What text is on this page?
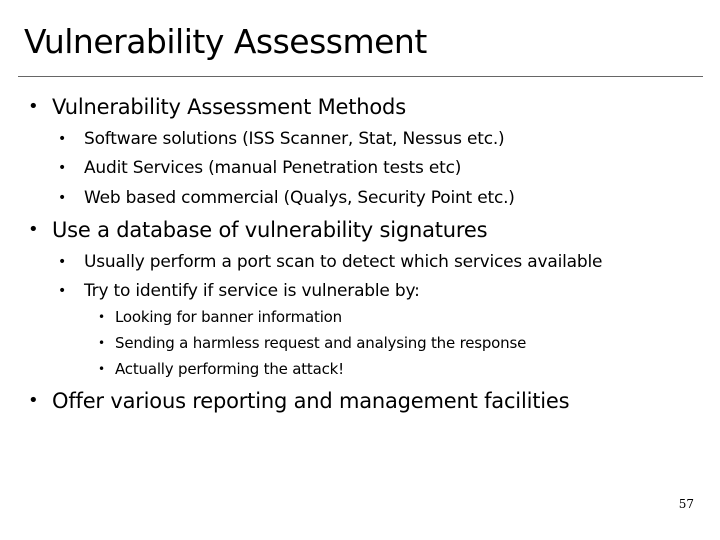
Vulnerability Assessment
• Vulnerability Assessment Methods
• Software solutions (ISS Scanner, Stat, Nessus etc.)
• Audit Services (manual Penetration tests etc)
• Web based commercial (Qualys, Security Point etc.)
• Use a database of vulnerability signatures
• Usually perform a port scan to detect which services available
• Try to identify if service is vulnerable by:
• Looking for banner information
• Sending a harmless request and analysing the response
• Actually performing the attack!
• Offer various reporting and management facilities
57
